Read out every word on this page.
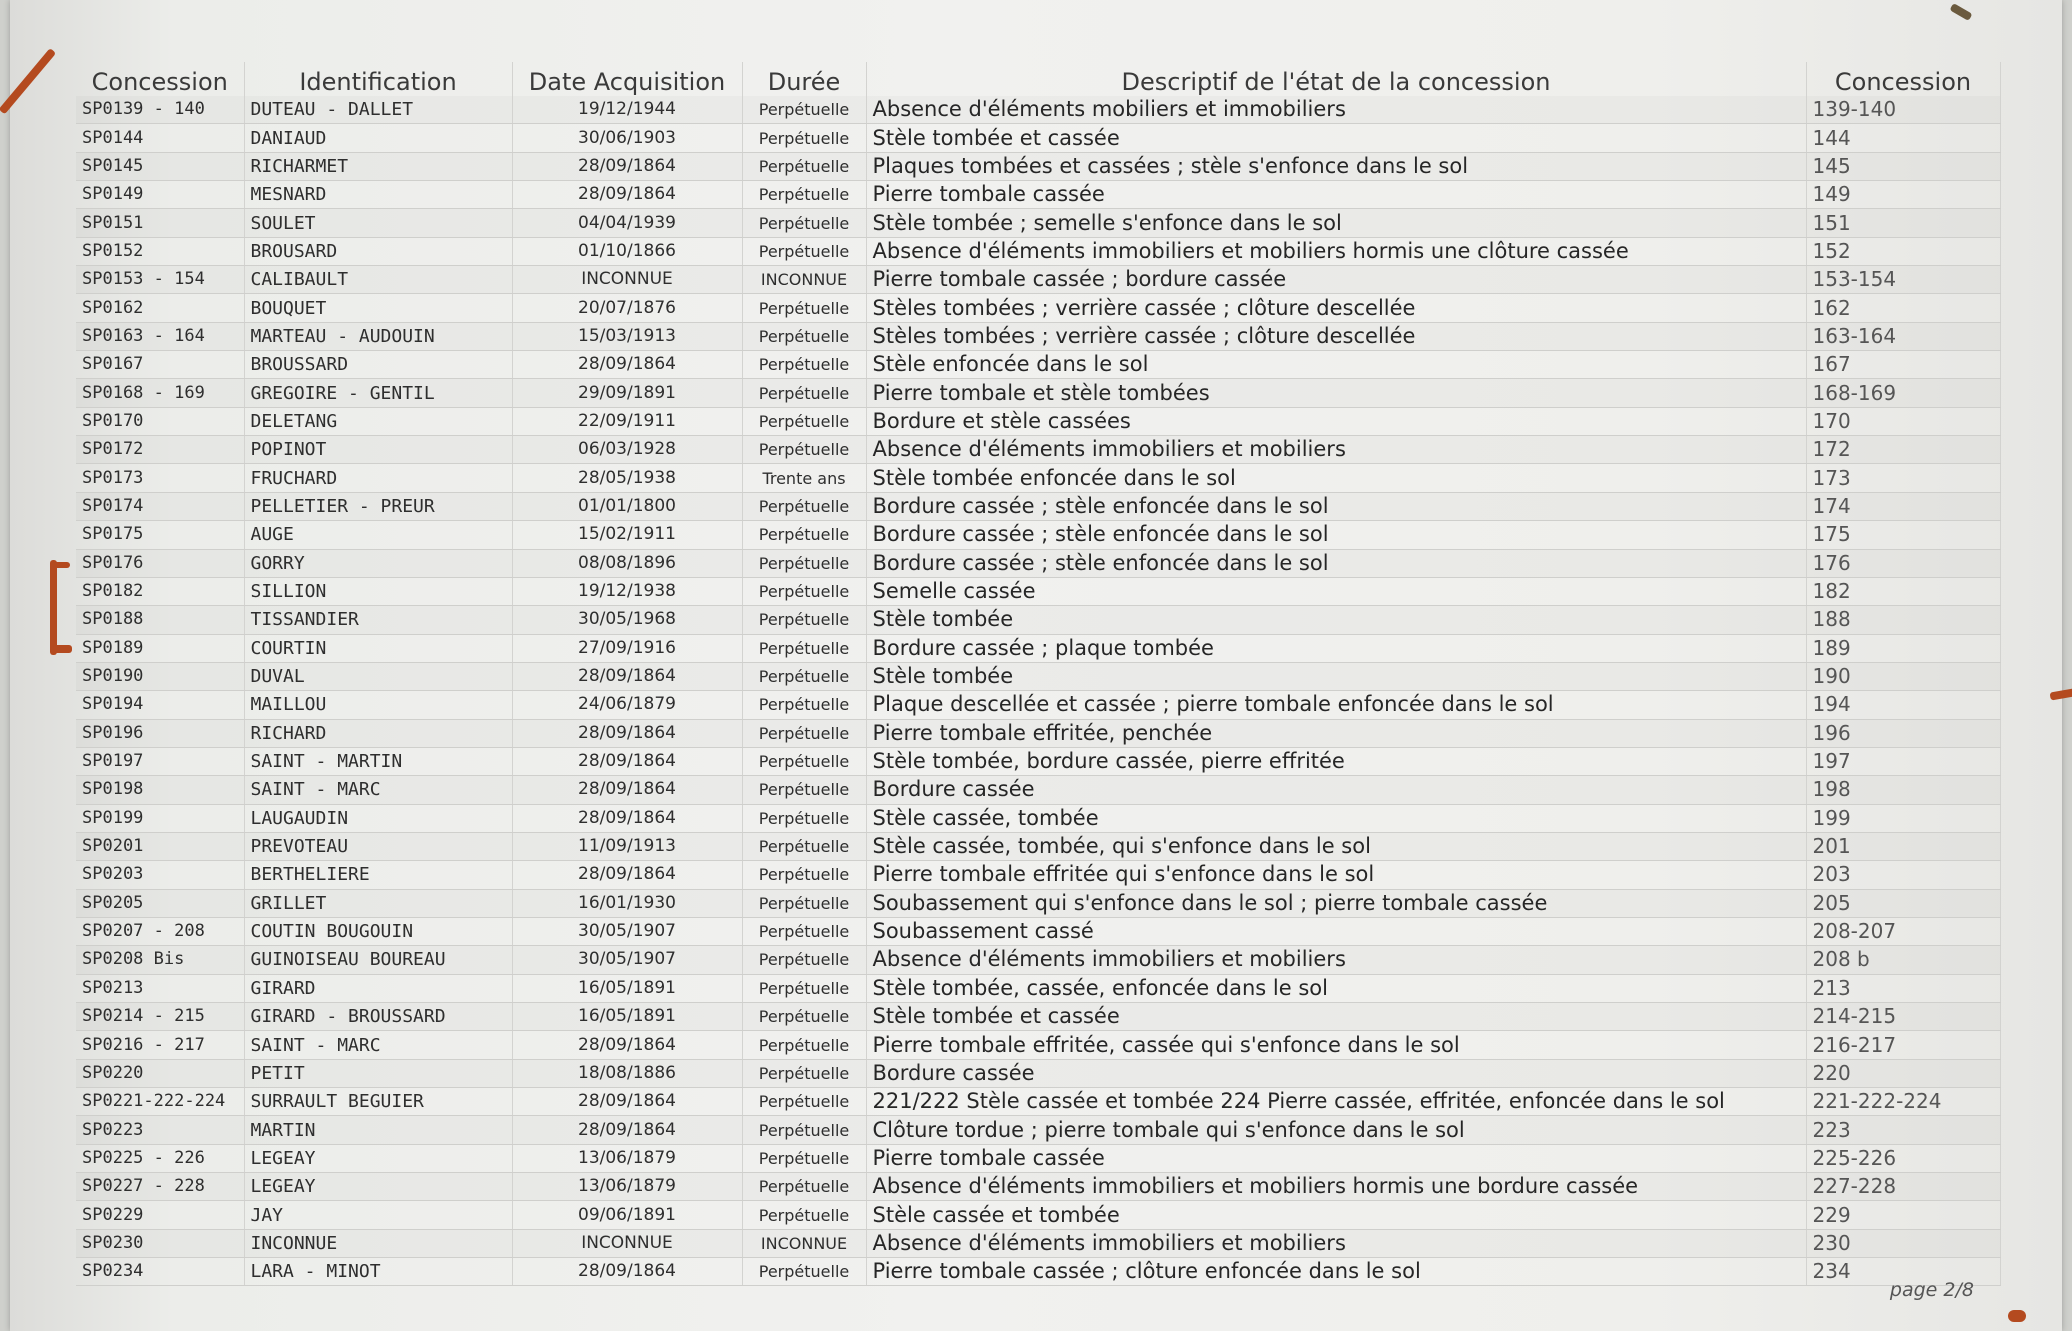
Concession	Identification	Date Acquisition	Durée	Descriptif de l'état de la concession	Concession
SP0139 - 140	DUTEAU - DALLET	19/12/1944	Perpétuelle	Absence d'éléments mobiliers et immobiliers	139-140
SP0144	DANIAUD	30/06/1903	Perpétuelle	Stèle tombée et cassée	144
SP0145	RICHARMET	28/09/1864	Perpétuelle	Plaques tombées et cassées ; stèle s'enfonce dans le sol	145
SP0149	MESNARD	28/09/1864	Perpétuelle	Pierre tombale cassée	149
SP0151	SOULET	04/04/1939	Perpétuelle	Stèle tombée ; semelle s'enfonce dans le sol	151
SP0152	BROUSARD	01/10/1866	Perpétuelle	Absence d'éléments immobiliers et mobiliers hormis une clôture cassée	152
SP0153 - 154	CALIBAULT	INCONNUE	INCONNUE	Pierre tombale cassée ; bordure cassée	153-154
SP0162	BOUQUET	20/07/1876	Perpétuelle	Stèles tombées ; verrière cassée ; clôture descellée	162
SP0163 - 164	MARTEAU - AUDOUIN	15/03/1913	Perpétuelle	Stèles tombées ; verrière cassée ; clôture descellée	163-164
SP0167	BROUSSARD	28/09/1864	Perpétuelle	Stèle enfoncée dans le sol	167
SP0168 - 169	GREGOIRE - GENTIL	29/09/1891	Perpétuelle	Pierre tombale et stèle tombées	168-169
SP0170	DELETANG	22/09/1911	Perpétuelle	Bordure et stèle cassées	170
SP0172	POPINOT	06/03/1928	Perpétuelle	Absence d'éléments immobiliers et mobiliers	172
SP0173	FRUCHARD	28/05/1938	Trente ans	Stèle tombée enfoncée dans le sol	173
SP0174	PELLETIER - PREUR	01/01/1800	Perpétuelle	Bordure cassée ; stèle enfoncée dans le sol	174
SP0175	AUGE	15/02/1911	Perpétuelle	Bordure cassée ; stèle enfoncée dans le sol	175
SP0176	GORRY	08/08/1896	Perpétuelle	Bordure cassée ; stèle enfoncée dans le sol	176
SP0182	SILLION	19/12/1938	Perpétuelle	Semelle cassée	182
SP0188	TISSANDIER	30/05/1968	Perpétuelle	Stèle tombée	188
SP0189	COURTIN	27/09/1916	Perpétuelle	Bordure cassée ; plaque tombée	189
SP0190	DUVAL	28/09/1864	Perpétuelle	Stèle tombée	190
SP0194	MAILLOU	24/06/1879	Perpétuelle	Plaque descellée et cassée ; pierre tombale enfoncée dans le sol	194
SP0196	RICHARD	28/09/1864	Perpétuelle	Pierre tombale effritée, penchée	196
SP0197	SAINT - MARTIN	28/09/1864	Perpétuelle	Stèle tombée, bordure cassée, pierre effritée	197
SP0198	SAINT - MARC	28/09/1864	Perpétuelle	Bordure cassée	198
SP0199	LAUGAUDIN	28/09/1864	Perpétuelle	Stèle cassée, tombée	199
SP0201	PREVOTEAU	11/09/1913	Perpétuelle	Stèle cassée, tombée, qui s'enfonce dans le sol	201
SP0203	BERTHELIERE	28/09/1864	Perpétuelle	Pierre tombale effritée qui s'enfonce dans le sol	203
SP0205	GRILLET	16/01/1930	Perpétuelle	Soubassement qui s'enfonce dans le sol ; pierre tombale cassée	205
SP0207 - 208	COUTIN BOUGOUIN	30/05/1907	Perpétuelle	Soubassement cassé	208-207
SP0208 Bis	GUINOISEAU BOUREAU	30/05/1907	Perpétuelle	Absence d'éléments immobiliers et mobiliers	208 b
SP0213	GIRARD	16/05/1891	Perpétuelle	Stèle tombée, cassée, enfoncée dans le sol	213
SP0214 - 215	GIRARD - BROUSSARD	16/05/1891	Perpétuelle	Stèle tombée et cassée	214-215
SP0216 - 217	SAINT - MARC	28/09/1864	Perpétuelle	Pierre tombale effritée, cassée qui s'enfonce dans le sol	216-217
SP0220	PETIT	18/08/1886	Perpétuelle	Bordure cassée	220
SP0221-222-224	SURRAULT BEGUIER	28/09/1864	Perpétuelle	221/222 Stèle cassée et tombée 224 Pierre cassée, effritée, enfoncée dans le sol	221-222-224
SP0223	MARTIN	28/09/1864	Perpétuelle	Clôture tordue ; pierre tombale qui s'enfonce dans le sol	223
SP0225 - 226	LEGEAY	13/06/1879	Perpétuelle	Pierre tombale cassée	225-226
SP0227 - 228	LEGEAY	13/06/1879	Perpétuelle	Absence d'éléments immobiliers et mobiliers hormis une bordure cassée	227-228
SP0229	JAY	09/06/1891	Perpétuelle	Stèle cassée et tombée	229
SP0230	INCONNUE	INCONNUE	INCONNUE	Absence d'éléments immobiliers et mobiliers	230
SP0234	LARA - MINOT	28/09/1864	Perpétuelle	Pierre tombale cassée ; clôture enfoncée dans le sol	234
page 2/8
